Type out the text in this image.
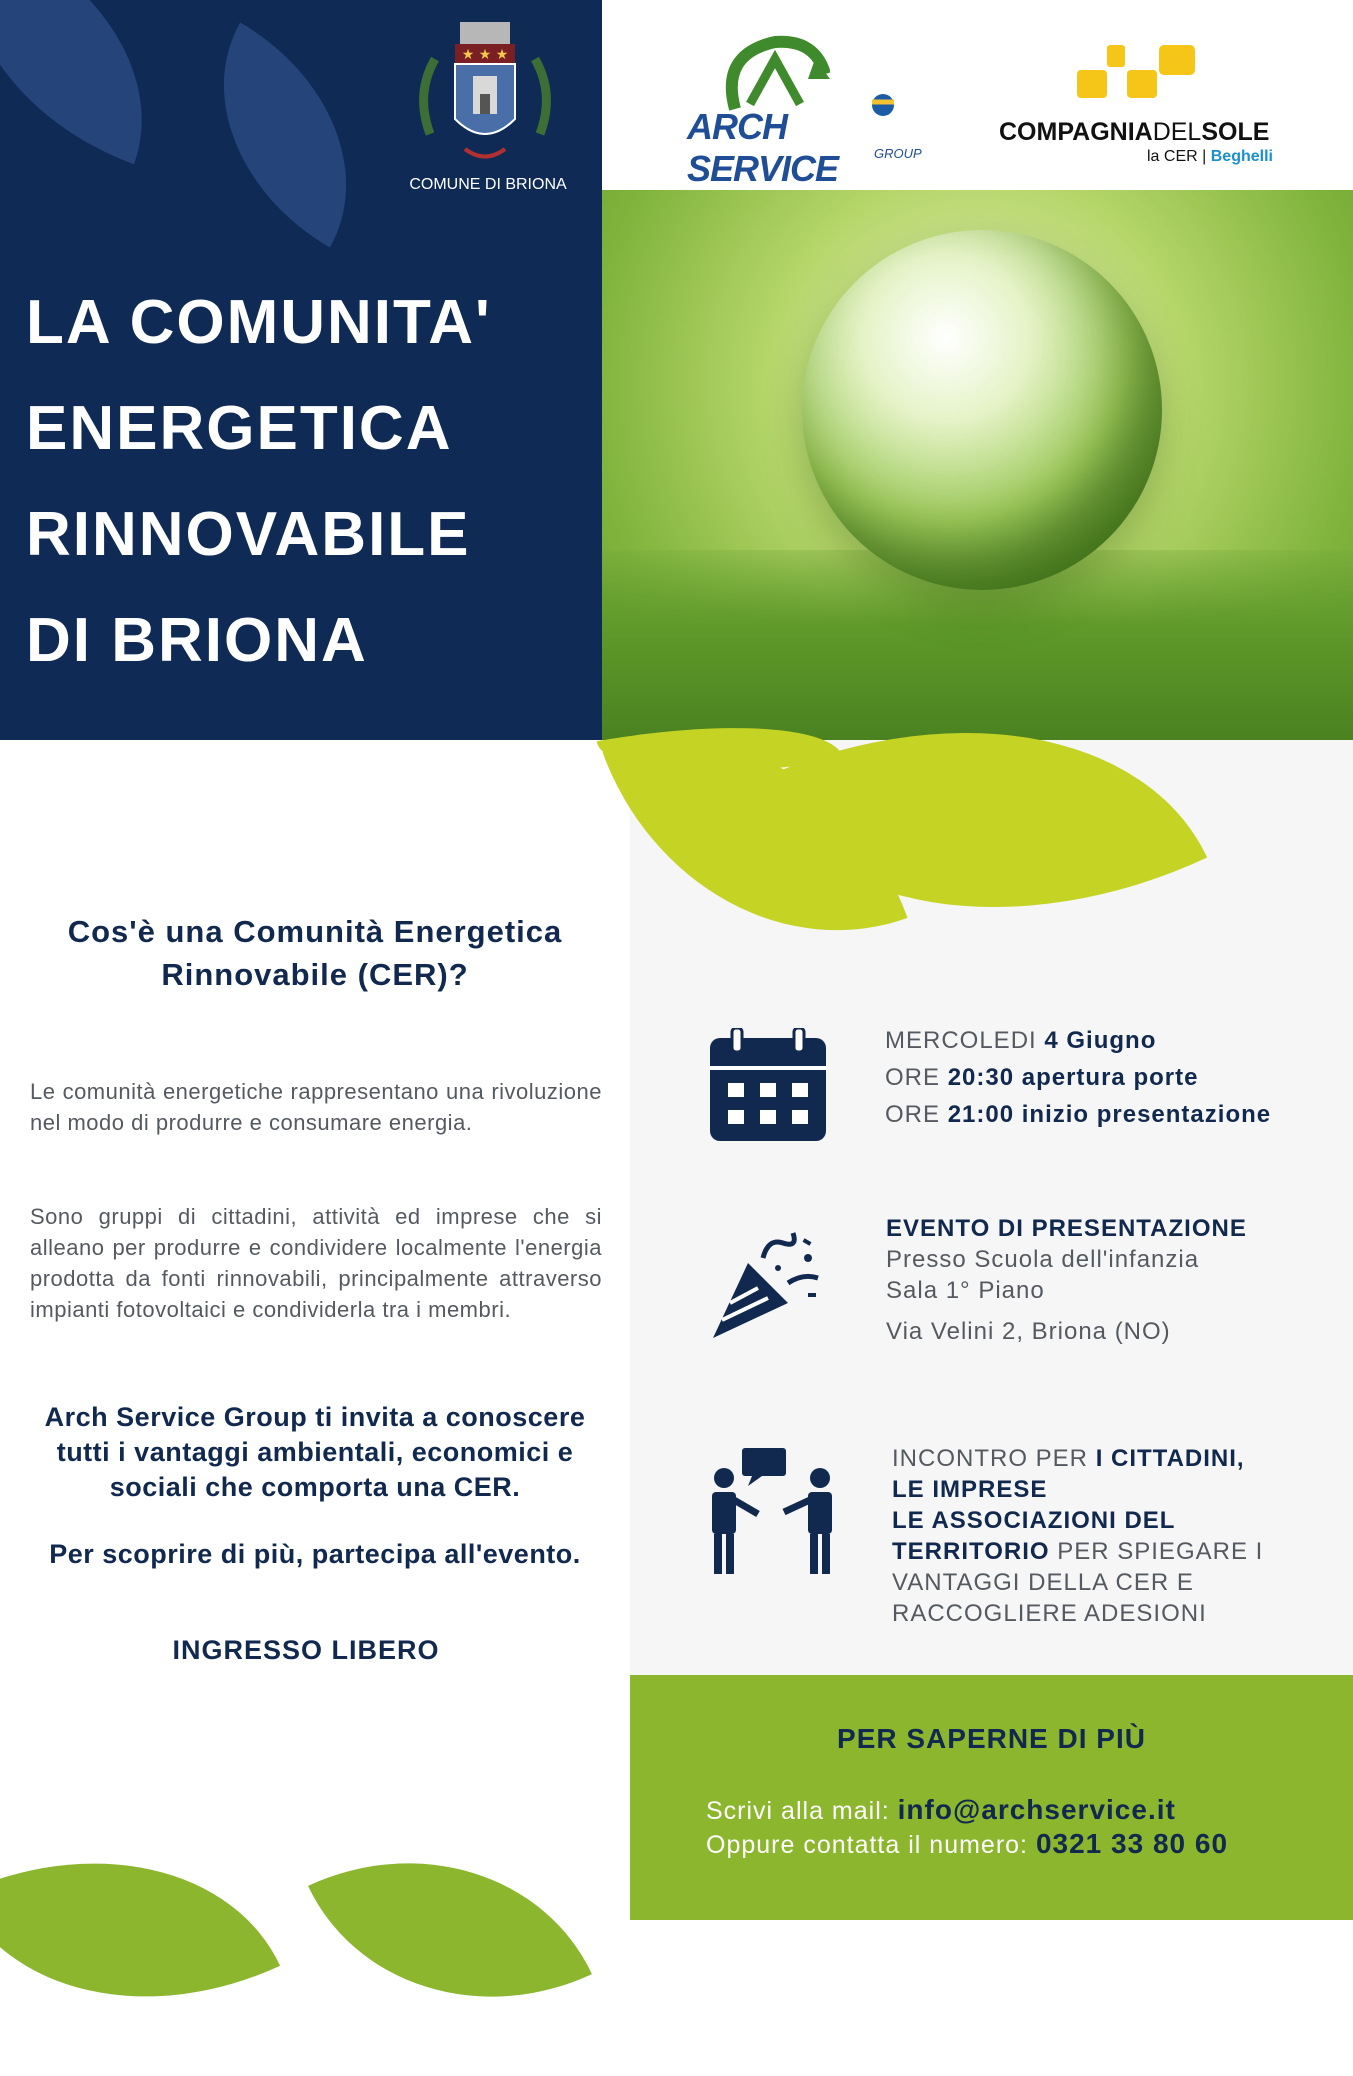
★ ★ ★
COMUNE DI BRIONA
LA COMUNITA'
ENERGETICA
RINNOVABILE
DI BRIONA
ARCH SERVICE	GROUP
COMPAGNIADELSOLE
la CER | Beghelli
MERCOLEDI 4 Giugno
ORE 20:30 apertura porte
ORE 21:00 inizio presentazione
EVENTO DI PRESENTAZIONE
Presso Scuola dell'infanzia
Sala 1° Piano
Via Velini 2, Briona (NO)
INCONTRO PER I CITTADINI,
LE IMPRESE
LE ASSOCIAZIONI DEL
TERRITORIO PER SPIEGARE I
VANTAGGI DELLA CER E
RACCOGLIERE ADESIONI
PER SAPERNE DI PIÙ
Scrivi alla mail: info@archservice.it
Oppure contatta il numero: 0321 33 80 60
Cos'è una Comunità Energetica Rinnovabile (CER)?
Le comunità energetiche rappresentano una rivoluzione nel modo di produrre e consumare energia.
Sono gruppi di cittadini, attività ed imprese che si alleano per produrre e condividere localmente l'energia prodotta da fonti rinnovabili, principalmente attraverso impianti fotovoltaici e condividerla tra i membri.
Arch Service Group ti invita a conoscere tutti i vantaggi ambientali, economici e sociali che comporta una CER.
Per scoprire di più, partecipa all'evento.
INGRESSO LIBERO
